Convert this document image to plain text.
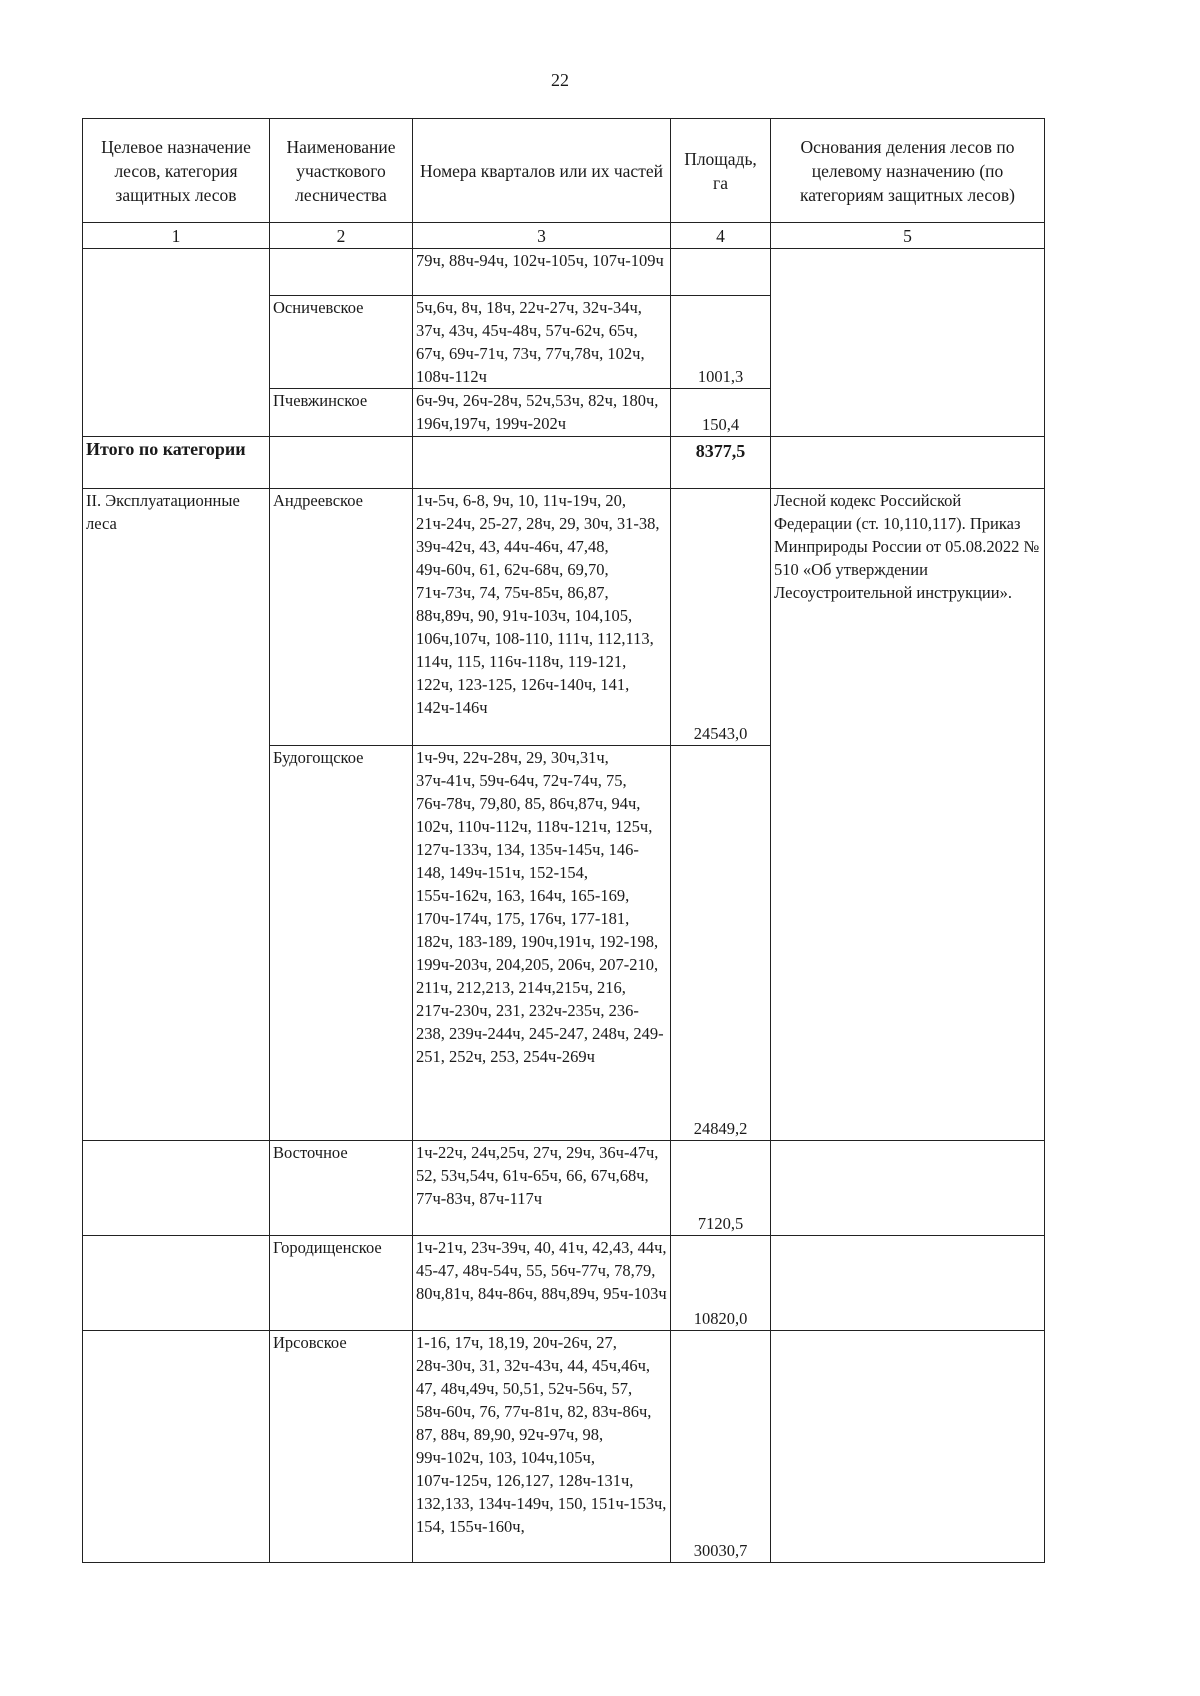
22
Целевое назначение лесов, категория защитных лесов	Наименование участкового лесничества	Номера кварталов или их частей	Площадь, га	Основания деления лесов по целевому назначению (по категориям защитных лесов)
1	2	3	4	5
		79ч, 88ч-94ч, 102ч-105ч, 107ч-109ч		
	Осничевское	5ч,6ч, 8ч, 18ч, 22ч-27ч, 32ч-34ч, 37ч, 43ч, 45ч-48ч, 57ч-62ч, 65ч, 67ч, 69ч-71ч, 73ч, 77ч,78ч, 102ч, 108ч-112ч	1001,3	
	Пчевжинское	6ч-9ч, 26ч-28ч, 52ч,53ч, 82ч, 180ч, 196ч,197ч, 199ч-202ч	150,4	
Итого по категории			8377,5	
II. Эксплуатационные леса	Андреевское	1ч-5ч, 6-8, 9ч, 10, 11ч-19ч, 20, 21ч-24ч, 25-27, 28ч, 29, 30ч, 31-38, 39ч-42ч, 43, 44ч-46ч, 47,48, 49ч-60ч, 61, 62ч-68ч, 69,70, 71ч-73ч, 74, 75ч-85ч, 86,87, 88ч,89ч, 90, 91ч-103ч, 104,105, 106ч,107ч, 108-110, 111ч, 112,113, 114ч, 115, 116ч-118ч, 119-121, 122ч, 123-125, 126ч-140ч, 141, 142ч-146ч	24543,0	Лесной кодекс Российской Федерации (ст. 10,110,117). Приказ Минприроды России от 05.08.2022 № 510 «Об утверждении Лесоустроительной инструкции».
	Будогощское	1ч-9ч, 22ч-28ч, 29, 30ч,31ч, 37ч-41ч, 59ч-64ч, 72ч-74ч, 75, 76ч-78ч, 79,80, 85, 86ч,87ч, 94ч, 102ч, 110ч-112ч, 118ч-121ч, 125ч, 127ч-133ч, 134, 135ч-145ч, 146-148, 149ч-151ч, 152-154, 155ч-162ч, 163, 164ч, 165-169, 170ч-174ч, 175, 176ч, 177-181, 182ч, 183-189, 190ч,191ч, 192-198, 199ч-203ч, 204,205, 206ч, 207-210, 211ч, 212,213, 214ч,215ч, 216, 217ч-230ч, 231, 232ч-235ч, 236-238, 239ч-244ч, 245-247, 248ч, 249-251, 252ч, 253, 254ч-269ч	24849,2	
	Восточное	1ч-22ч, 24ч,25ч, 27ч, 29ч, 36ч-47ч, 52, 53ч,54ч, 61ч-65ч, 66, 67ч,68ч, 77ч-83ч, 87ч-117ч	7120,5	
	Городищенское	1ч-21ч, 23ч-39ч, 40, 41ч, 42,43, 44ч, 45-47, 48ч-54ч, 55, 56ч-77ч, 78,79, 80ч,81ч, 84ч-86ч, 88ч,89ч, 95ч-103ч	10820,0	
	Ирсовское	1-16, 17ч, 18,19, 20ч-26ч, 27, 28ч-30ч, 31, 32ч-43ч, 44, 45ч,46ч, 47, 48ч,49ч, 50,51, 52ч-56ч, 57, 58ч-60ч, 76, 77ч-81ч, 82, 83ч-86ч, 87, 88ч, 89,90, 92ч-97ч, 98, 99ч-102ч, 103, 104ч,105ч, 107ч-125ч, 126,127, 128ч-131ч, 132,133, 134ч-149ч, 150, 151ч-153ч, 154, 155ч-160ч,	30030,7	
